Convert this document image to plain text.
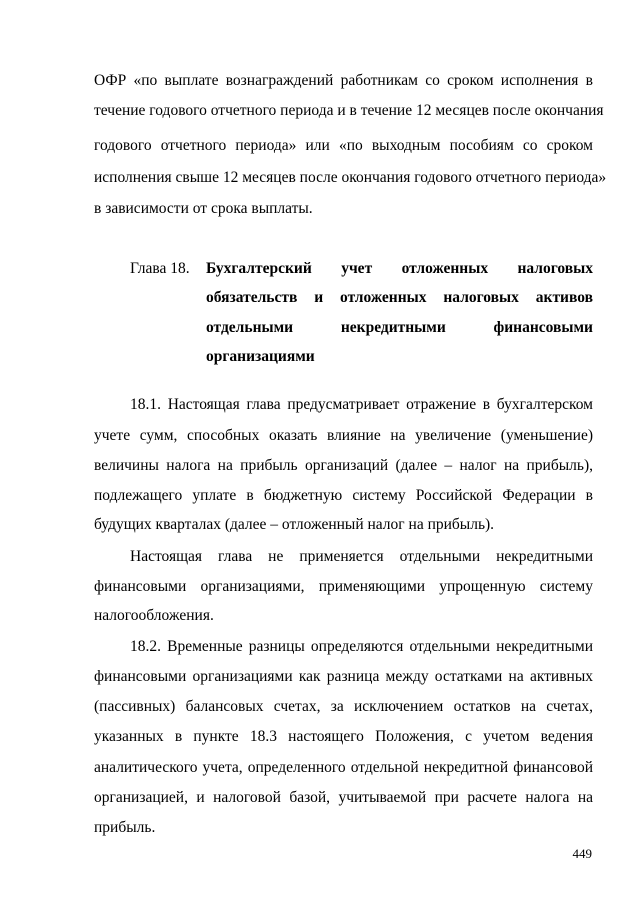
ОФР «по выплате вознаграждений работникам со сроком исполнения в
течение годового отчетного периода и в течение 12 месяцев после окончания
годового отчетного периода» или «по выходным пособиям со сроком
исполнения свыше 12 месяцев после окончания годового отчетного периода»
в зависимости от срока выплаты.
Глава 18. Бухгалтерский учет отложенных налоговых
обязательств и отложенных налоговых активов
отдельными некредитными финансовыми
организациями
18.1. Настоящая глава предусматривает отражение в бухгалтерском
учете сумм, способных оказать влияние на увеличение (уменьшение)
величины налога на прибыль организаций (далее – налог на прибыль),
подлежащего уплате в бюджетную систему Российской Федерации в
будущих кварталах (далее – отложенный налог на прибыль).
Настоящая глава не применяется отдельными некредитными
финансовыми организациями, применяющими упрощенную систему
налогообложения.
18.2. Временные разницы определяются отдельными некредитными
финансовыми организациями как разница между остатками на активных
(пассивных) балансовых счетах, за исключением остатков на счетах,
указанных в пункте 18.3 настоящего Положения, с учетом ведения
аналитического учета, определенного отдельной некредитной финансовой
организацией, и налоговой базой, учитываемой при расчете налога на
прибыль.
449
